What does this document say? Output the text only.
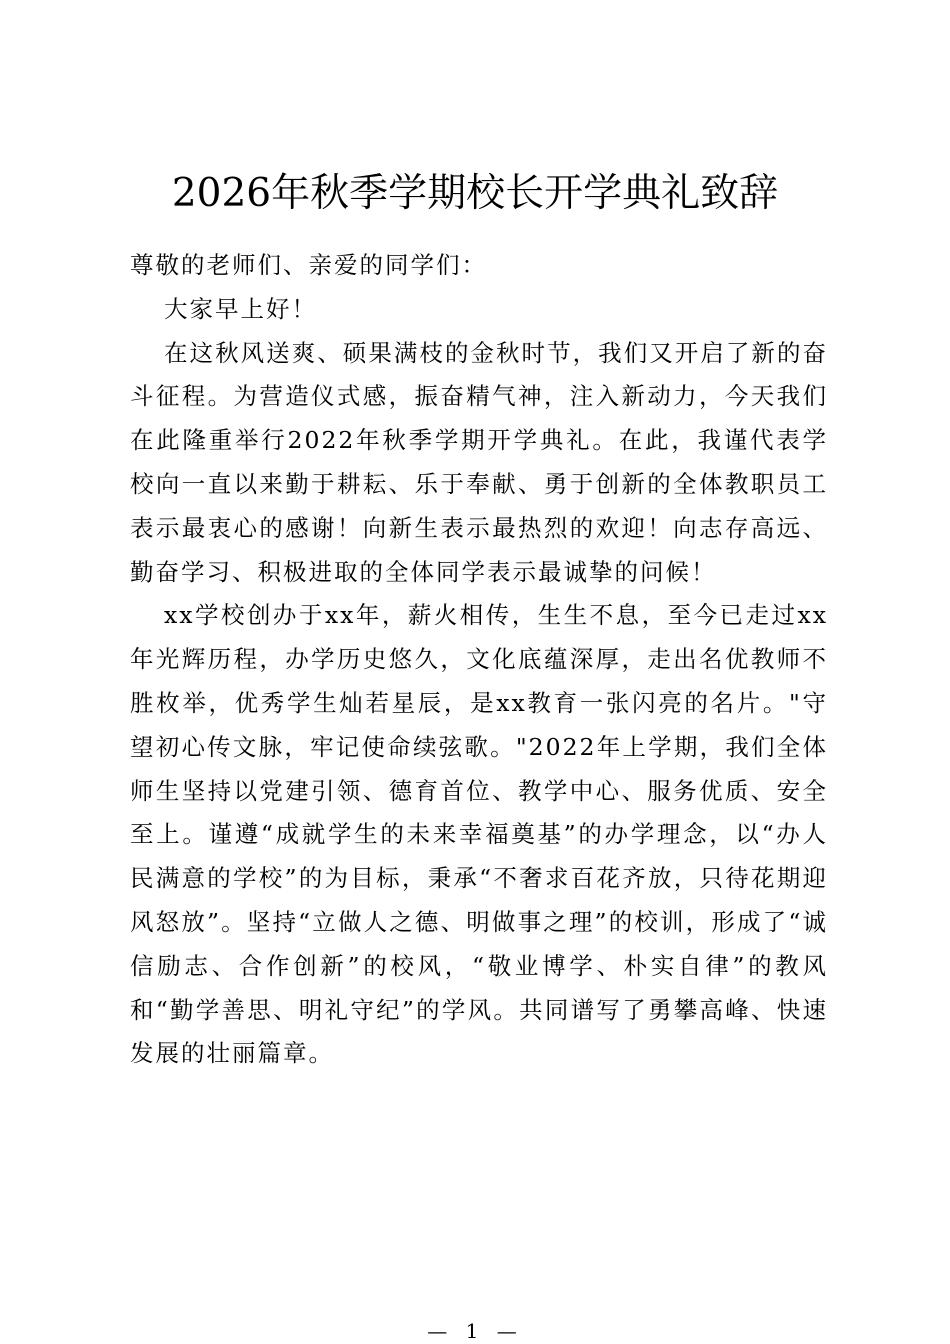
2026年秋季学期校长开学典礼致辞

尊敬的老师们、亲爱的同学们：

大家早上好！

在这秋风送爽、硕果满枝的金秋时节，我们又开启了新的奋斗征程。为营造仪式感，振奋精气神，注入新动力，今天我们在此隆重举行2022年秋季学期开学典礼。在此，我谨代表学校向一直以来勤于耕耘、乐于奉献、勇于创新的全体教职员工表示最衷心的感谢！向新生表示最热烈的欢迎！向志存高远、勤奋学习、积极进取的全体同学表示最诚挚的问候！

xx学校创办于xx年，薪火相传，生生不息，至今已走过xx年光辉历程，办学历史悠久，文化底蕴深厚，走出名优教师不胜枚举，优秀学生灿若星辰，是xx教育一张闪亮的名片。"守望初心传文脉，牢记使命续弦歌。"2022年上学期，我们全体师生坚持以党建引领、德育首位、教学中心、服务优质、安全至上。谨遵“成就学生的未来幸福奠基”的办学理念，以“办人民满意的学校”的为目标，秉承“不奢求百花齐放，只待花期迎风怒放”。坚持“立做人之德、明做事之理”的校训，形成了“诚信励志、合作创新”的校风，“敬业博学、朴实自律”的教风和“勤学善思、明礼守纪”的学风。共同谱写了勇攀高峰、快速发展的壮丽篇章。

— 1 —
